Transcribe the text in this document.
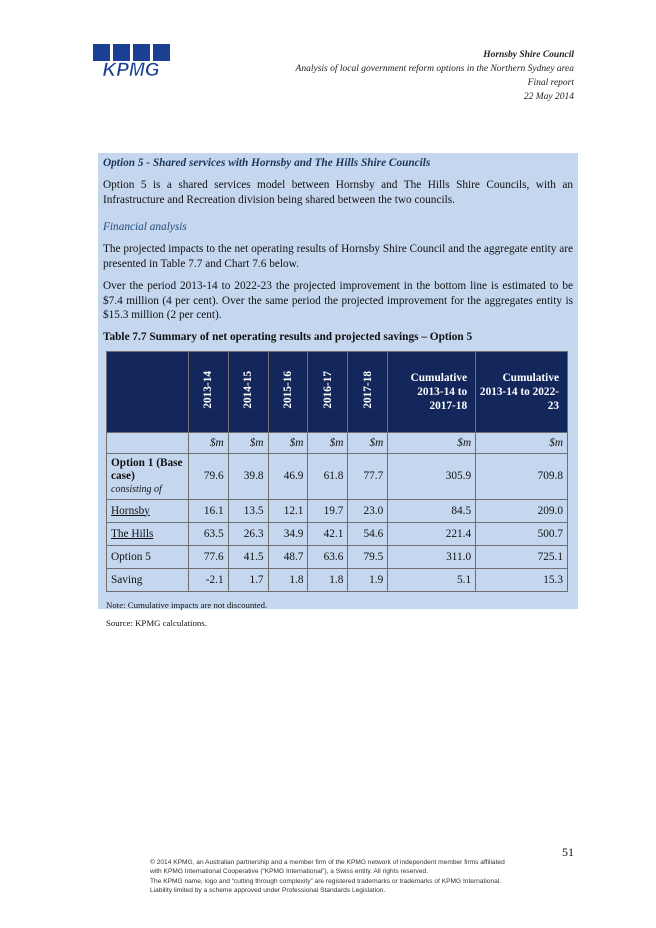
KPMG
Hornsby Shire Council
Analysis of local government reform options in the Northern Sydney area
Final report
22 May 2014

Option 5 - Shared services with Hornsby and The Hills Shire Councils

Option 5 is a shared services model between Hornsby and The Hills Shire Councils, with an Infrastructure and Recreation division being shared between the two councils.

Financial analysis

The projected impacts to the net operating results of Hornsby Shire Council and the aggregate entity are presented in Table 7.7 and Chart 7.6 below.

Over the period 2013-14 to 2022-23 the projected improvement in the bottom line is estimated to be $7.4 million (4 per cent). Over the same period the projected improvement for the aggregates entity is $15.3 million (2 per cent).

Table 7.7 Summary of net operating results and projected savings – Option 5

	2013-14	2014-15	2015-16	2016-17	2017-18	Cumulative 2013-14 to 2017-18	Cumulative 2013-14 to 2022-23
	$m	$m	$m	$m	$m	$m	$m
Option 1 (Base case)
consisting of	79.6	39.8	46.9	61.8	77.7	305.9	709.8
Hornsby	16.1	13.5	12.1	19.7	23.0	84.5	209.0
The Hills	63.5	26.3	34.9	42.1	54.6	221.4	500.7
Option 5	77.6	41.5	48.7	63.6	79.5	311.0	725.1
Saving	-2.1	1.7	1.8	1.8	1.9	5.1	15.3
Note: Cumulative impacts are not discounted.
Source: KPMG calculations.
51
© 2014 KPMG, an Australian partnership and a member firm of the KPMG network of independent member firms affiliated
with KPMG International Cooperative (“KPMG International”), a Swiss entity. All rights reserved.
The KPMG name, logo and “cutting through complexity” are registered trademarks or trademarks of KPMG International.
Liability limited by a scheme approved under Professional Standards Legislation.
